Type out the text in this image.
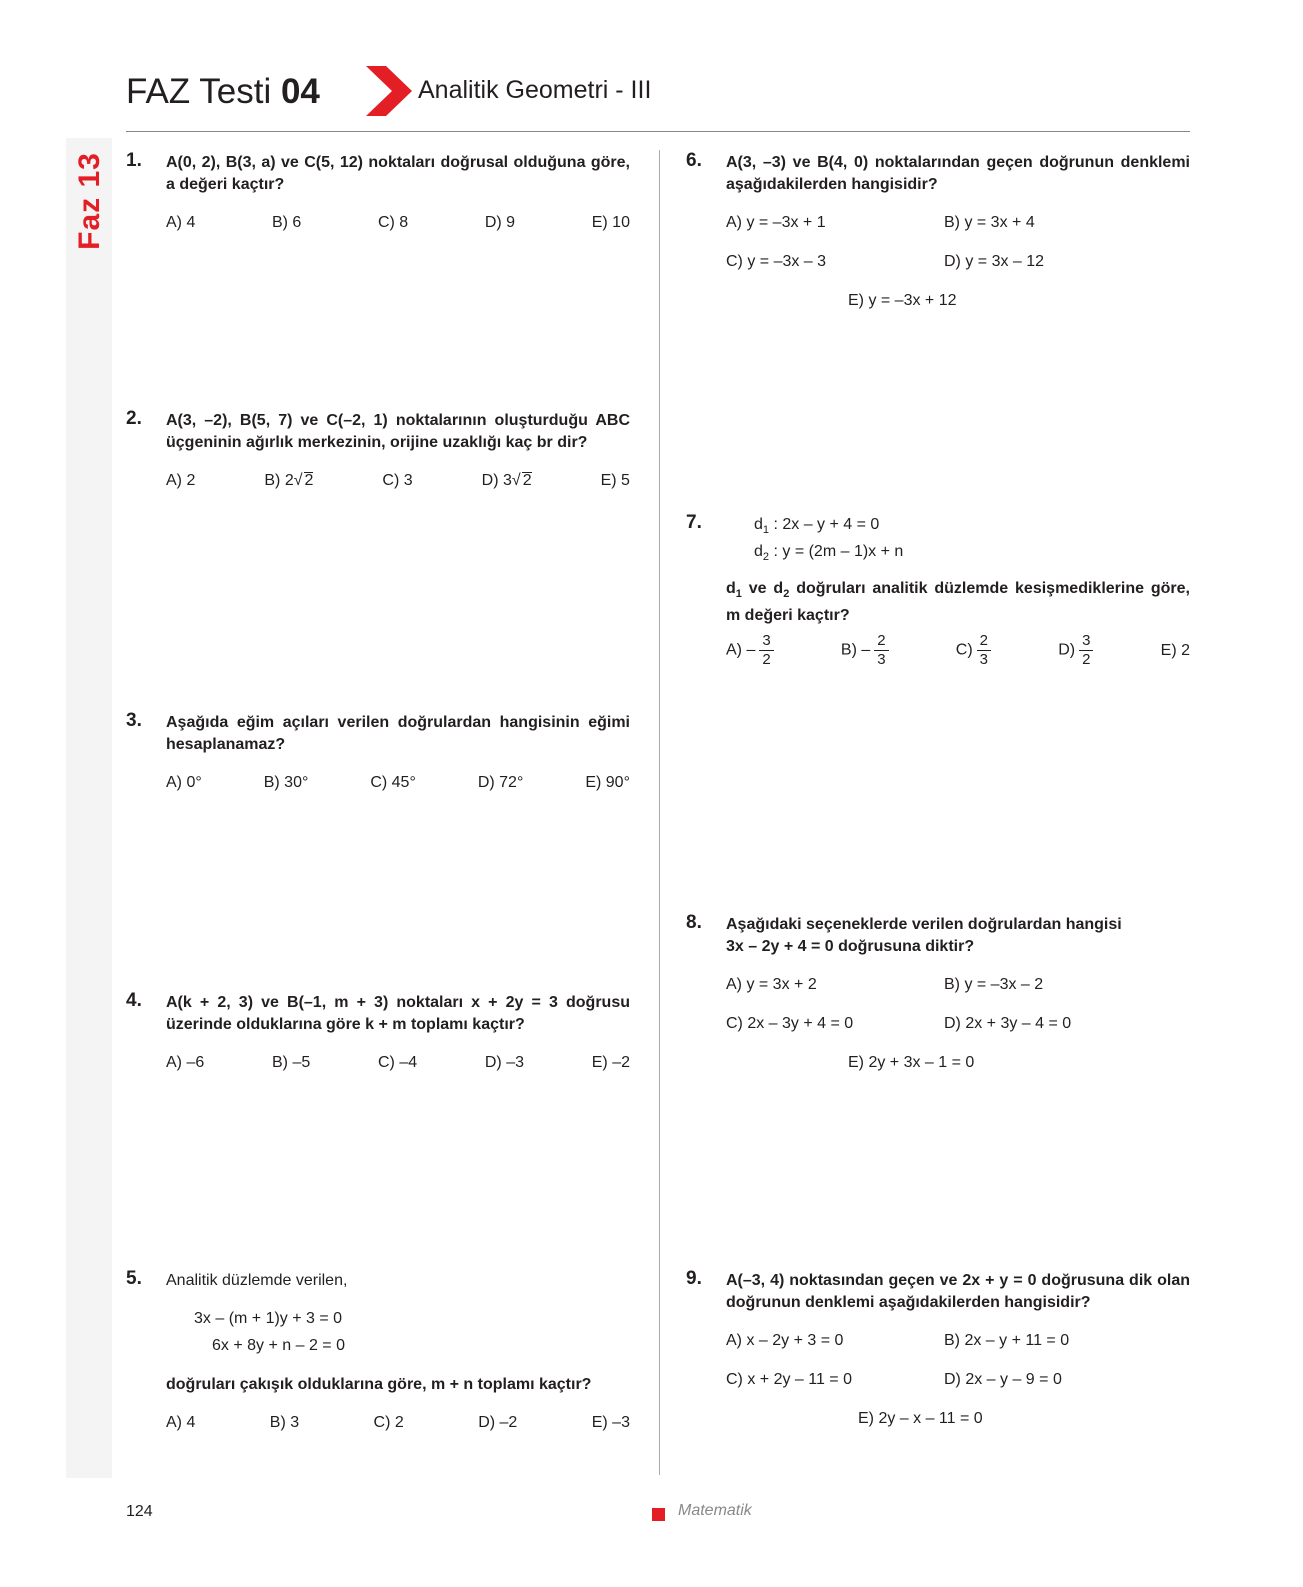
Faz 13
FAZ Testi 04	Analitik Geometri - III
1. A(0, 2), B(3, a) ve C(5, 12) noktaları doğrusal olduğuna göre, a değeri kaçtır?
A) 4	B) 6	C) 8	D) 9	E) 10
2. A(3, –2), B(5, 7) ve C(–2, 1) noktalarının oluşturduğu ABC üçgeninin ağırlık merkezinin, orijine uzaklığı kaç br dir?
A) 2	B) 2√ 2	C) 3	D) 3√ 2	E) 5
3. Aşağıda eğim açıları verilen doğrulardan hangisinin eğimi hesaplanamaz?
A) 0°	B) 30°	C) 45°	D) 72°	E) 90°
4. A(k + 2, 3) ve B(–1, m + 3) noktaları x + 2y = 3 doğrusu üzerinde olduklarına göre k + m toplamı kaçtır?
A) –6	B) –5	C) –4	D) –3	E) –2
5. Analitik düzlemde verilen,
3x – (m + 1)y + 3 = 0
6x + 8y + n – 2 = 0
doğruları çakışık olduklarına göre, m + n toplamı kaçtır?
A) 4	B) 3	C) 2	D) –2	E) –3
6. A(3, –3) ve B(4, 0) noktalarından geçen doğrunun denklemi aşağıdakilerden hangisidir?
A) y = –3x + 1	B) y = 3x + 4
C) y = –3x – 3	D) y = 3x – 12
E) y = –3x + 12
7.	$d_1$ : 2x – y + 4 = 0
$d_2$ : y = (2m – 1)x + n
$d_1$ ve $d_2$ doğruları analitik düzlemde kesişmediklerine göre, m değeri kaçtır?
$A) - \frac{3}{2}$	$B) - \frac{2}{3}$	$C) \frac{2}{3}$	$D) \frac{3}{2}$	E) 2
8. Aşağıdaki seçeneklerde verilen doğrulardan hangisi
3x – 2y + 4 = 0 doğrusuna diktir?
A) y = 3x + 2	B) y = –3x – 2
C) 2x – 3y + 4 = 0	D) 2x + 3y – 4 = 0
E) 2y + 3x – 1 = 0
9. A(–3, 4) noktasından geçen ve 2x + y = 0 doğrusuna dik olan doğrunun denklemi aşağıdakilerden hangisidir?
A) x – 2y + 3 = 0	B) 2x – y + 11 = 0
C) x + 2y – 11 = 0	D) 2x – y – 9 = 0
E) 2y – x – 11 = 0
124	Matematik
